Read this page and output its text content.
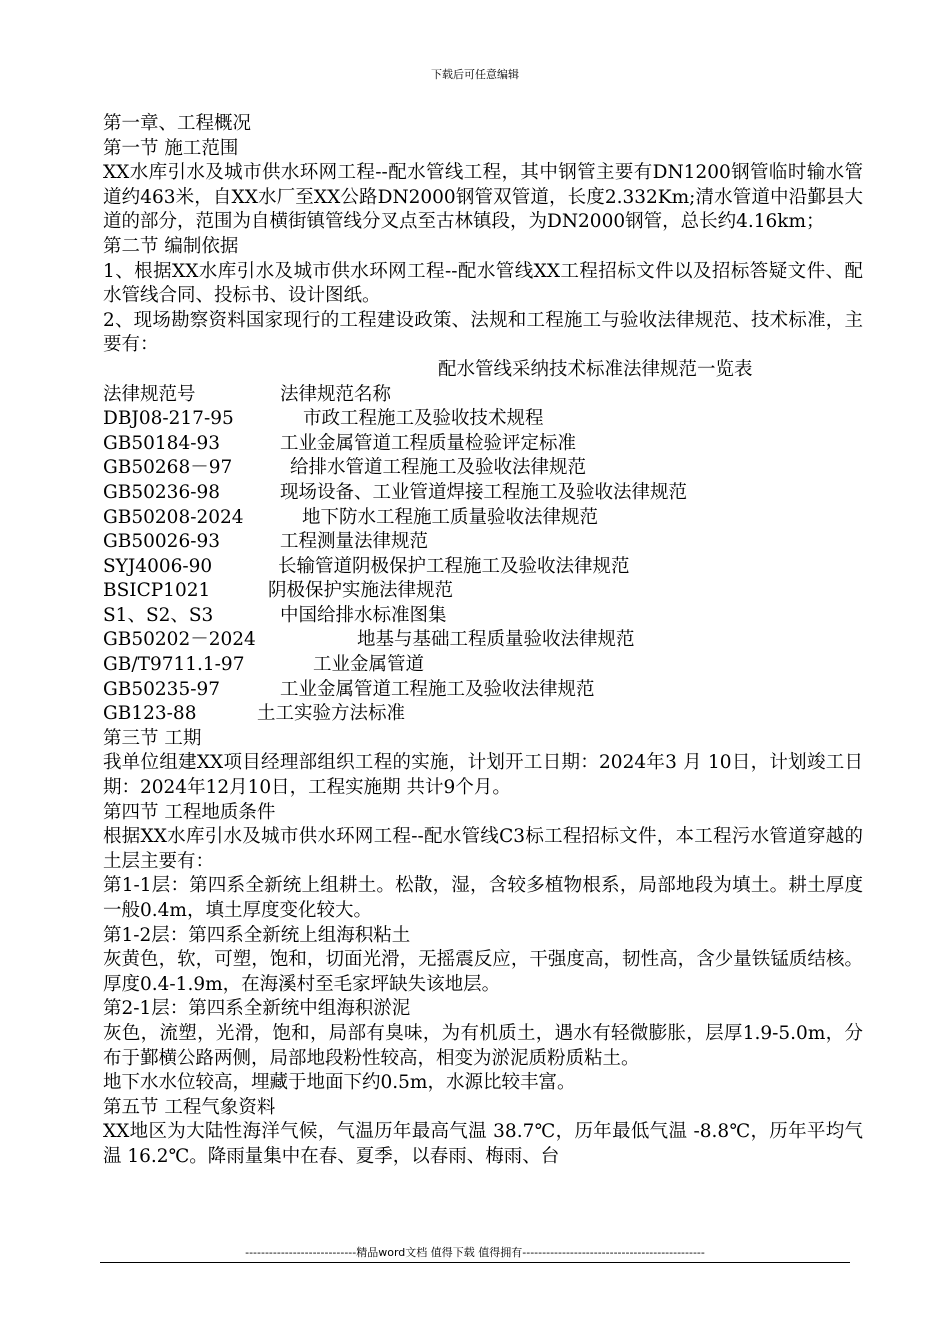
下载后可任意编辑

第一章、工程概况

第一节 施工范围

XX水库引水及城市供水环网工程--配水管线工程，其中钢管主要有DN1200钢管临时输水管道约463米，自XX水厂至XX公路DN2000钢管双管道，长度2.332Km;清水管道中沿鄞县大道的部分，范围为自横街镇管线分叉点至古林镇段，为DN2000钢管，总长约4.16km；

第二节 编制依据

1、根据XX水库引水及城市供水环网工程--配水管线XX工程招标文件以及招标答疑文件、配水管线合同、投标书、设计图纸。

2、现场勘察资料国家现行的工程建设政策、法规和工程施工与验收法律规范、技术标准，主要有：

配水管线采纳技术标准法律规范一览表

法律规范号	法律规范名称
DBJ08-217-95	市政工程施工及验收技术规程
GB50184-93	工业金属管道工程质量检验评定标准
GB50268－97	给排水管道工程施工及验收法律规范
GB50236-98	现场设备、工业管道焊接工程施工及验收法律规范
GB50208-2024	地下防水工程施工质量验收法律规范
GB50026-93	工程测量法律规范
SYJ4006-90	长输管道阴极保护工程施工及验收法律规范
BSICP1021	阴极保护实施法律规范
S1、S2、S3	中国给排水标准图集
GB50202－2024	地基与基础工程质量验收法律规范
GB/T9711.1-97	工业金属管道
GB50235-97	工业金属管道工程施工及验收法律规范
GB123-88	土工实验方法标准

第三节 工期

我单位组建XX项目经理部组织工程的实施，计划开工日期：2024年3 月 10日，计划竣工日期：2024年12月10日，工程实施期 共计9个月。

第四节 工程地质条件

根据XX水库引水及城市供水环网工程--配水管线C3标工程招标文件，本工程污水管道穿越的土层主要有：

第1-1层：第四系全新统上组耕土。松散，湿，含较多植物根系，局部地段为填土。耕土厚度一般0.4m，填土厚度变化较大。

第1-2层：第四系全新统上组海积粘土

灰黄色，软，可塑，饱和，切面光滑，无摇震反应，干强度高，韧性高，含少量铁锰质结核。厚度0.4-1.9m，在海溪村至毛家坪缺失该地层。

第2-1层：第四系全新统中组海积淤泥

灰色，流塑，光滑，饱和，局部有臭味，为有机质土，遇水有轻微膨胀，层厚1.9-5.0m，分布于鄞横公路两侧，局部地段粉性较高，相变为淤泥质粉质粘土。

地下水水位较高，埋藏于地面下约0.5m，水源比较丰富。

第五节 工程气象资料

XX地区为大陆性海洋气候，气温历年最高气温 38.7℃，历年最低气温 -8.8℃，历年平均气温 16.2℃。降雨量集中在春、夏季，以春雨、梅雨、台

----------------------------精品word文档 值得下载 值得拥有----------------------------------------------
